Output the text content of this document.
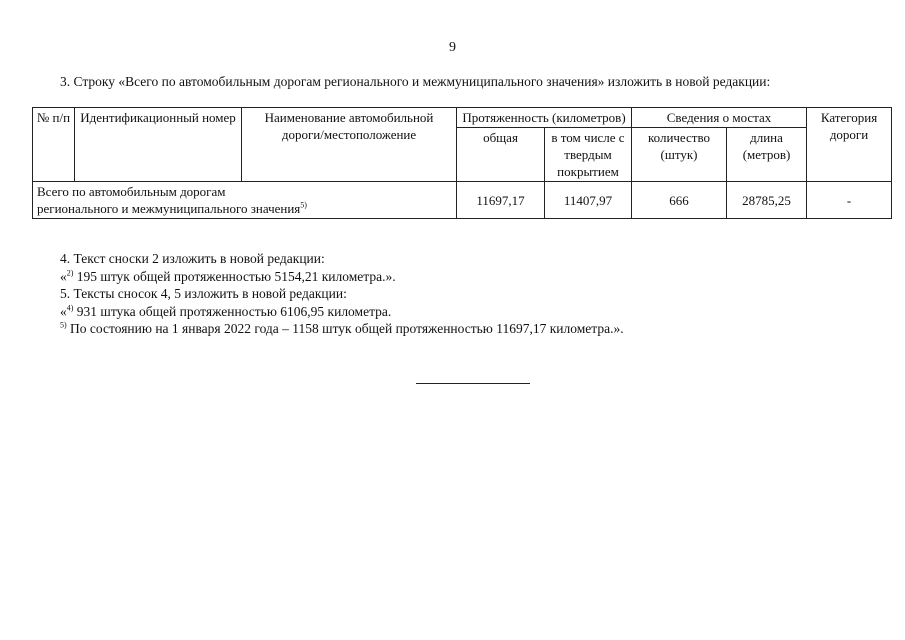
9
3. Строку «Всего по автомобильным дорогам регионального и межмуниципального значения» изложить в новой редакции:
№ п/п	Идентификационный номер	Наименование автомобильной дороги/местоположение	Протяженность (километров)		Сведения о мостах		Категория дороги
			общая	в том числе с твердым покрытием	количество (штук)	длина (метров)	
Всего по автомобильным дорогам
регионального и межмуниципального значения$^{5)}$			11697,17	11407,97	666	28785,25	-

4. Текст сноски 2 изложить в новой редакции:

«$^{2)}$ 195 штук общей протяженностью 5154,21 километра.».

5. Тексты сносок 4, 5 изложить в новой редакции:

«$^{4)}$ 931 штука общей протяженностью 6106,95 километра.

$^{5)}$ По состоянию на 1 января 2022 года – 1158 штук общей протяженностью 11697,17 километра.».
